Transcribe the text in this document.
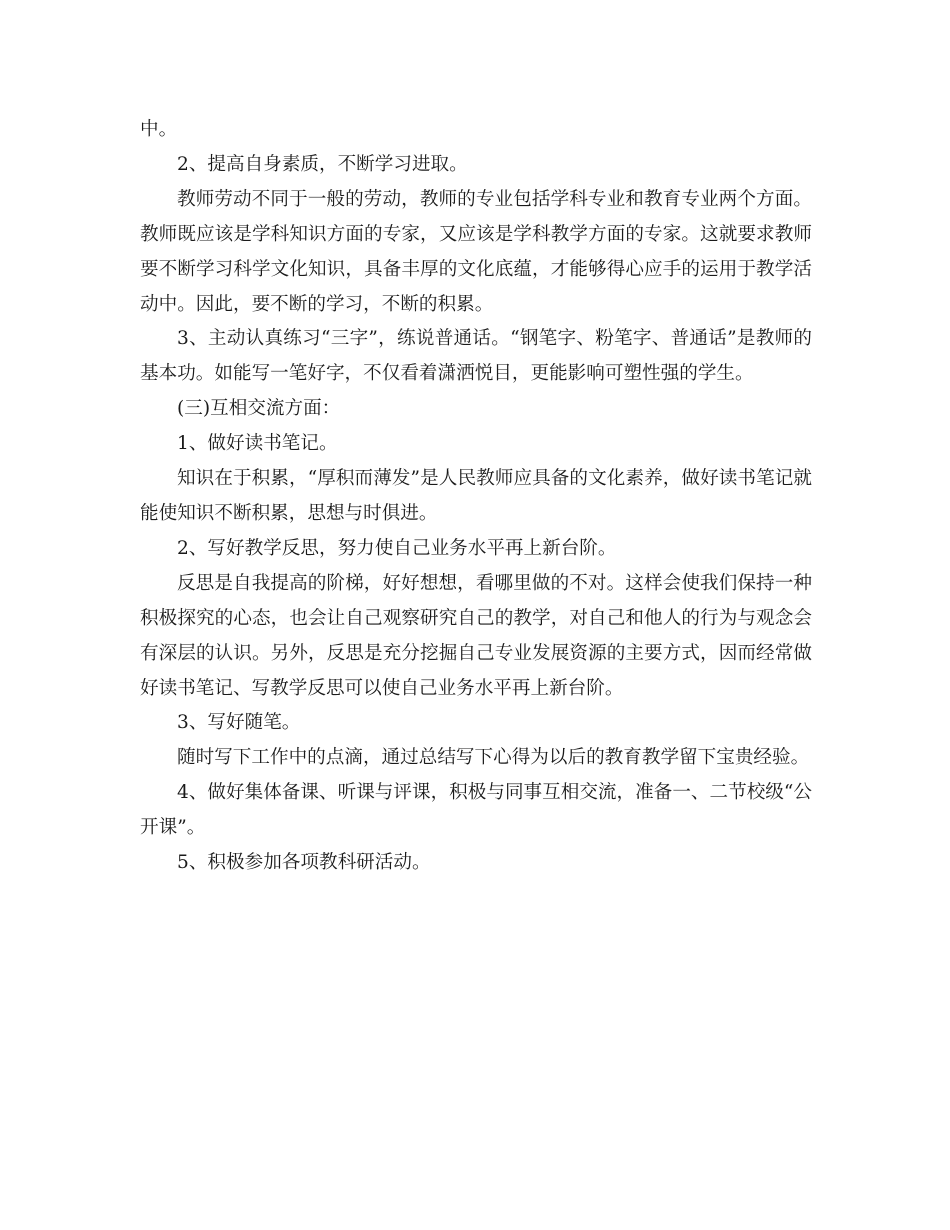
中。

2、提高自身素质，不断学习进取。

教师劳动不同于一般的劳动，教师的专业包括学科专业和教育专业两个方面。教师既应该是学科知识方面的专家，又应该是学科教学方面的专家。这就要求教师要不断学习科学文化知识，具备丰厚的文化底蕴，才能够得心应手的运用于教学活动中。因此，要不断的学习，不断的积累。

3、主动认真练习“三字”，练说普通话。“钢笔字、粉笔字、普通话”是教师的基本功。如能写一笔好字，不仅看着潇洒悦目，更能影响可塑性强的学生。

(三)互相交流方面：

1、做好读书笔记。

知识在于积累，“厚积而薄发”是人民教师应具备的文化素养，做好读书笔记就能使知识不断积累，思想与时俱进。

2、写好教学反思，努力使自己业务水平再上新台阶。

反思是自我提高的阶梯，好好想想，看哪里做的不对。这样会使我们保持一种积极探究的心态，也会让自己观察研究自己的教学，对自己和他人的行为与观念会有深层的认识。另外，反思是充分挖掘自己专业发展资源的主要方式，因而经常做好读书笔记、写教学反思可以使自己业务水平再上新台阶。

3、写好随笔。

随时写下工作中的点滴，通过总结写下心得为以后的教育教学留下宝贵经验。

4、做好集体备课、听课与评课，积极与同事互相交流，准备一、二节校级“公开课”。

5、积极参加各项教科研活动。
